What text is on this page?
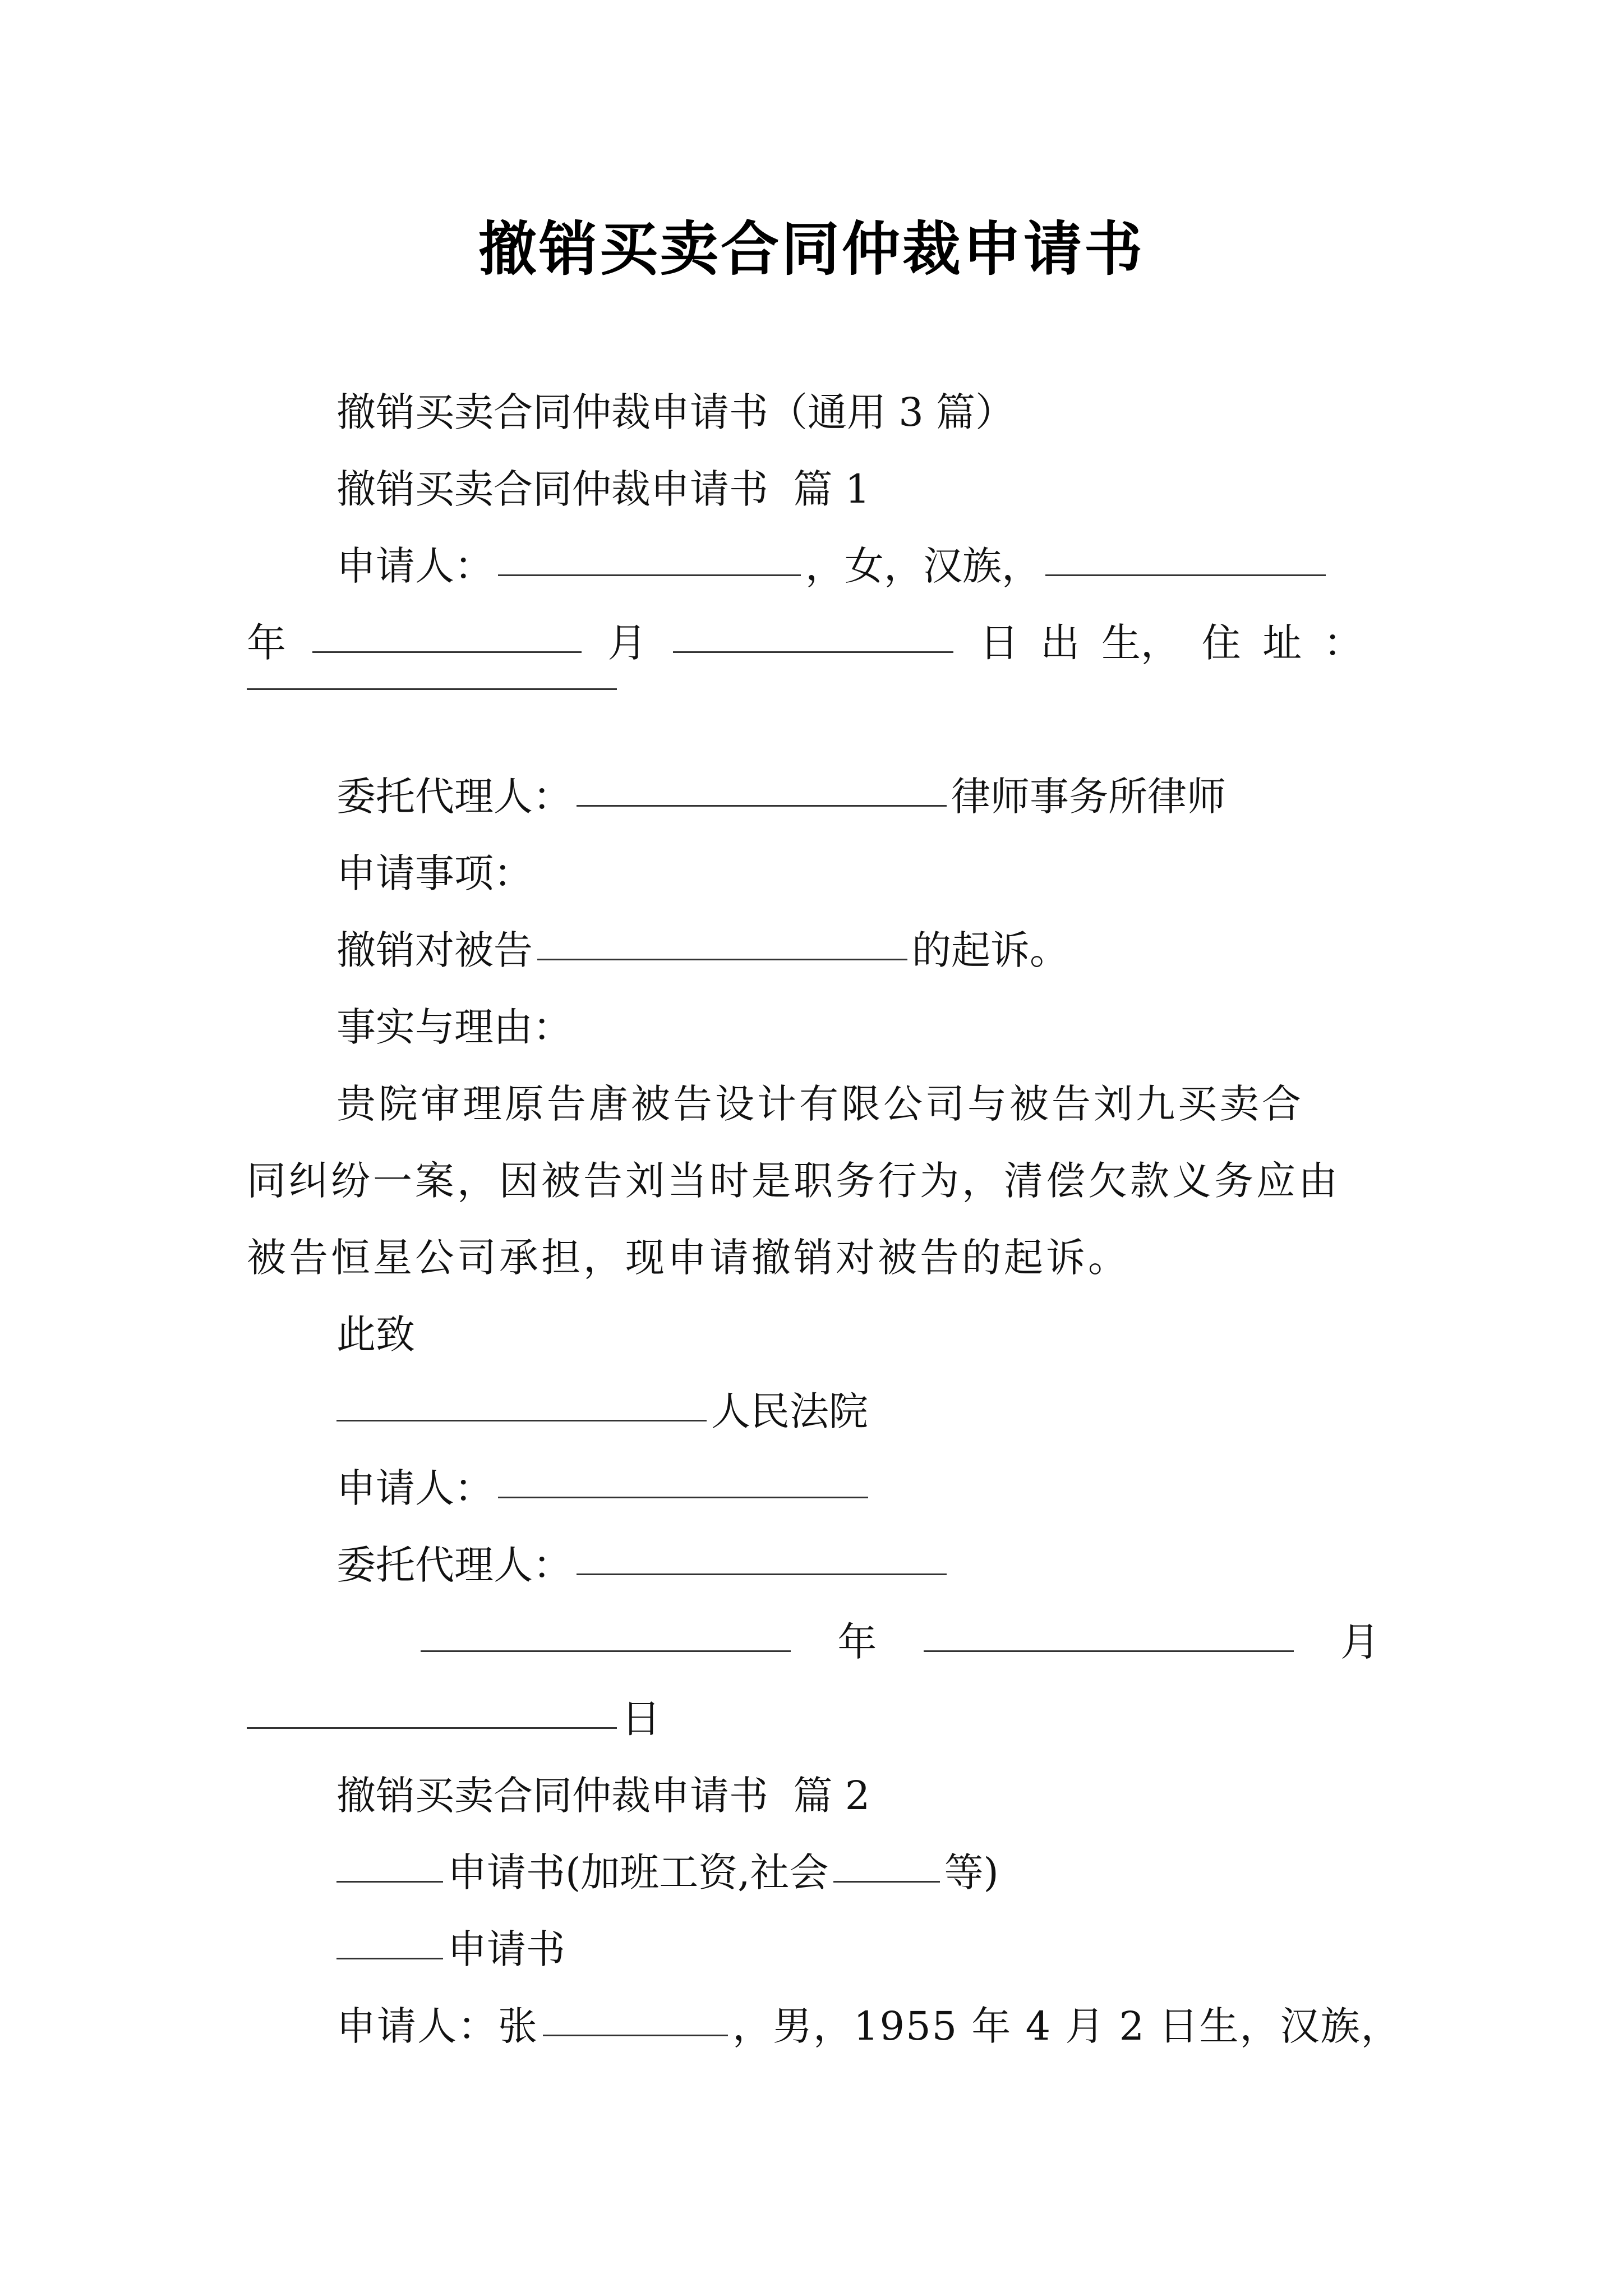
撤销买卖合同仲裁申请书
撤销买卖合同仲裁申请书（通用 3 篇）
撤销买卖合同仲裁申请书  篇 1
申请人：	，女，汉族，
年	月	日 出 生， 住 址 ：
委托代理人：	律师事务所律师
申请事项：
撤销对被告	的起诉。
事实与理由：
贵院审理原告唐被告设计有限公司与被告刘九买卖合
同纠纷一案，因被告刘当时是职务行为，清偿欠款义务应由
被告恒星公司承担，现申请撤销对被告的起诉。
此致
人民法院
申请人：
委托代理人：
年	月
日
撤销买卖合同仲裁申请书  篇 2
申请书(加班工资,社会	等)
申请书
申请人：张	，男，1955 年 4 月 2 日生，汉族，
